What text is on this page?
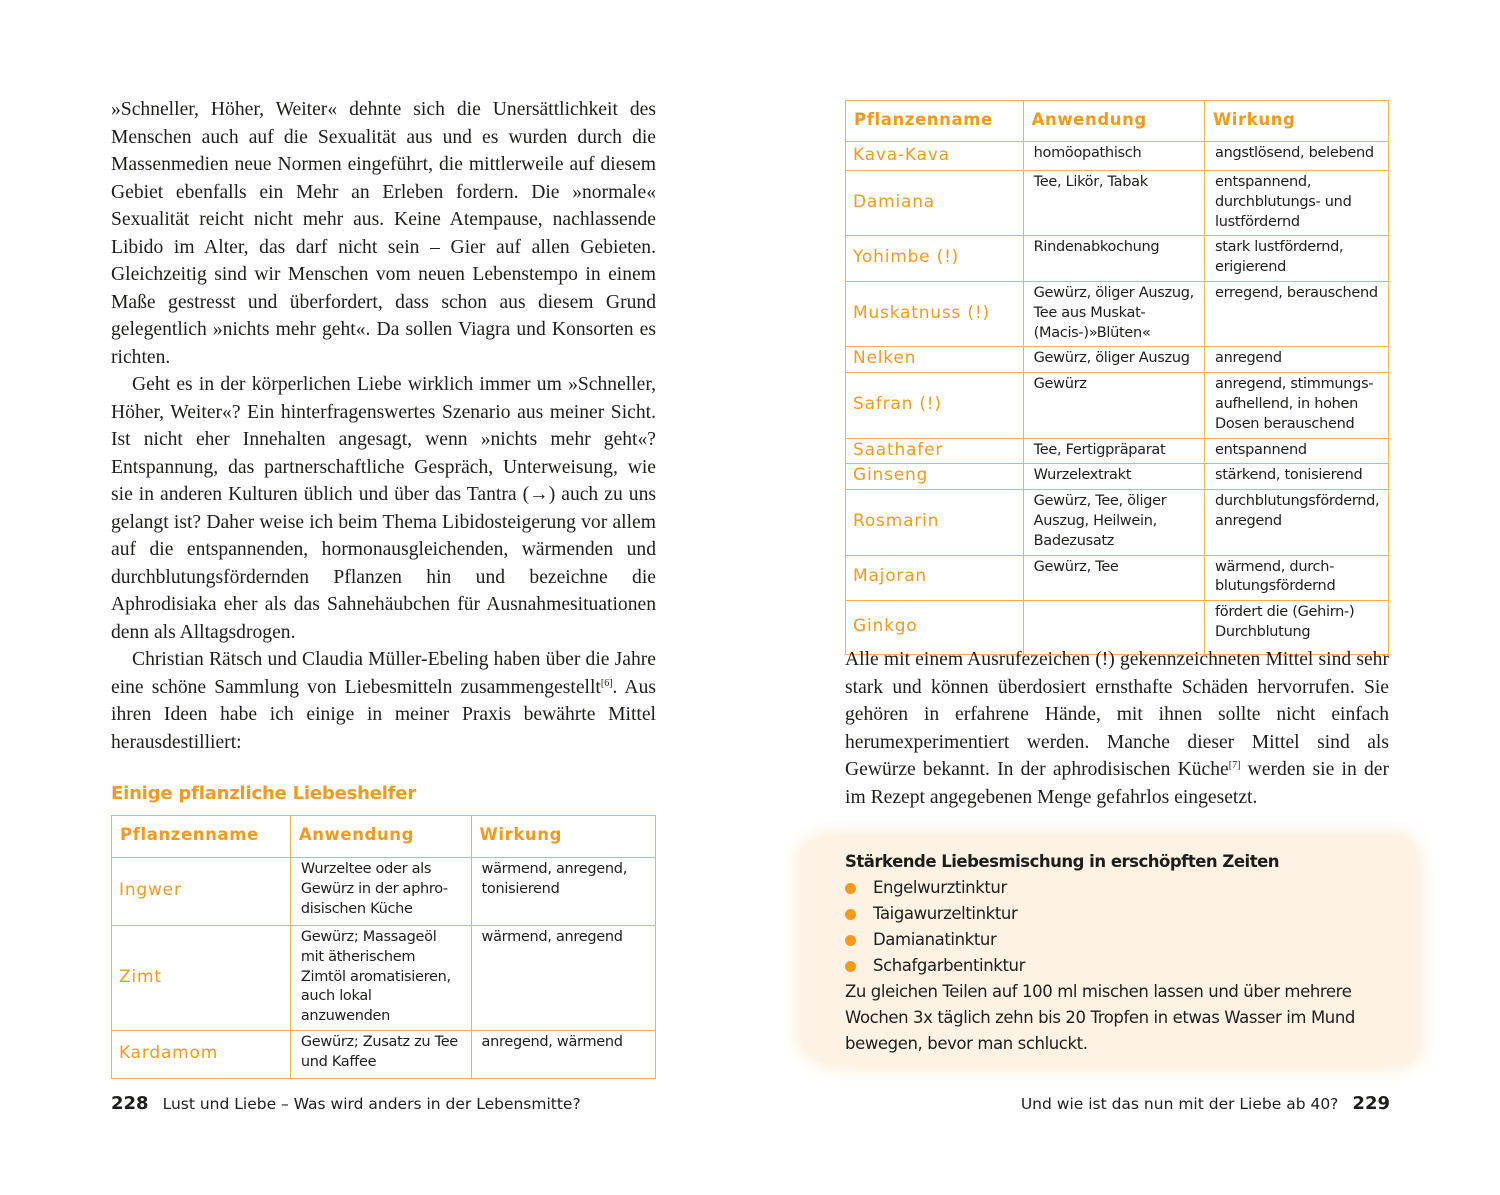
»Schneller, Höher, Weiter« dehnte sich die Unersättlichkeit des Menschen auch auf die Sexualität aus und es wurden durch die Massenmedien neue Normen eingeführt, die mittlerweile auf diesem Gebiet ebenfalls ein Mehr an Erleben fordern. Die »normale« Sexualität reicht nicht mehr aus. Keine Atempause, nachlassende Libido im Alter, das darf nicht sein – Gier auf allen Gebieten. Gleichzeitig sind wir Menschen vom neuen Lebenstempo in einem Maße gestresst und überfordert, dass schon aus diesem Grund gelegentlich »nichts mehr geht«. Da sollen Viagra und Konsorten es richten.

Geht es in der körperlichen Liebe wirklich immer um »Schneller, Höher, Weiter«? Ein hinterfragenswertes Szenario aus meiner Sicht. Ist nicht eher Innehalten angesagt, wenn »nichts mehr geht«? Entspannung, das partnerschaftliche Gespräch, Unterweisung, wie sie in anderen Kulturen üblich und über das Tantra (→) auch zu uns gelangt ist? Daher weise ich beim Thema Libidosteigerung vor allem auf die entspannenden, hormonausgleichenden, wärmenden und durchblutungsfördernden Pflanzen hin und bezeichne die Aphrodisiaka eher als das Sahnehäubchen für Ausnahmesituationen denn als Alltagsdrogen.

Christian Rätsch und Claudia Müller-Ebeling haben über die Jahre eine schöne Sammlung von Liebesmitteln zusammengestellt[6]. Aus ihren Ideen habe ich einige in meiner Praxis bewährte Mittel herausdestilliert:

Einige pflanzliche Liebeshelfer
Pflanzenname	Anwendung	Wirkung
Ingwer	Wurzeltee oder als Gewürz in der aphrodisischen Küche	wärmend, anregend, tonisierend
Zimt	Gewürz; Massageöl mit ätherischem Zimtöl aromatisieren, auch lokal anzuwenden	wärmend, anregend
Kardamom	Gewürz; Zusatz zu Tee und Kaffee	anregend, wärmend
228 Lust und Liebe – Was wird anders in der Lebensmitte?
Pflanzenname	Anwendung	Wirkung
Kava-Kava	homöopathisch	angstlösend, belebend
Damiana	Tee, Likör, Tabak	entspannend, durchblutungs- und lustfördernd
Yohimbe (!)	Rindenabkochung	stark lustfördernd, erigierend
Muskatnuss (!)	Gewürz, öliger Auszug, Tee aus Muskat-(Macis-)»Blüten«	erregend, berauschend
Nelken	Gewürz, öliger Auszug	anregend
Safran (!)	Gewürz	anregend, stimmungsaufhellend, in hohen Dosen berauschend
Saathafer	Tee, Fertigpräparat	entspannend
Ginseng	Wurzelextrakt	stärkend, tonisierend
Rosmarin	Gewürz, Tee, öliger Auszug, Heilwein, Badezusatz	durchblutungsfördernd, anregend
Majoran	Gewürz, Tee	wärmend, durchblutungsfördernd
Ginkgo		fördert die (Gehirn-) Durchblutung

Alle mit einem Ausrufezeichen (!) gekennzeichneten Mittel sind sehr stark und können überdosiert ernsthafte Schäden hervorrufen. Sie gehören in erfahrene Hände, mit ihnen sollte nicht einfach herumexperimentiert werden. Manche dieser Mittel sind als Gewürze bekannt. In der aphrodisischen Küche[7] werden sie in der im Rezept angegebenen Menge gefahrlos eingesetzt.

Stärkende Liebesmischung in erschöpften Zeiten
Engelwurztinktur
Taigawurzeltinktur
Damianatinktur
Schafgarbentinktur
Zu gleichen Teilen auf 100 ml mischen lassen und über mehrere Wochen 3x täglich zehn bis 20 Tropfen in etwas Wasser im Mund bewegen, bevor man schluckt.
Und wie ist das nun mit der Liebe ab 40? 229
